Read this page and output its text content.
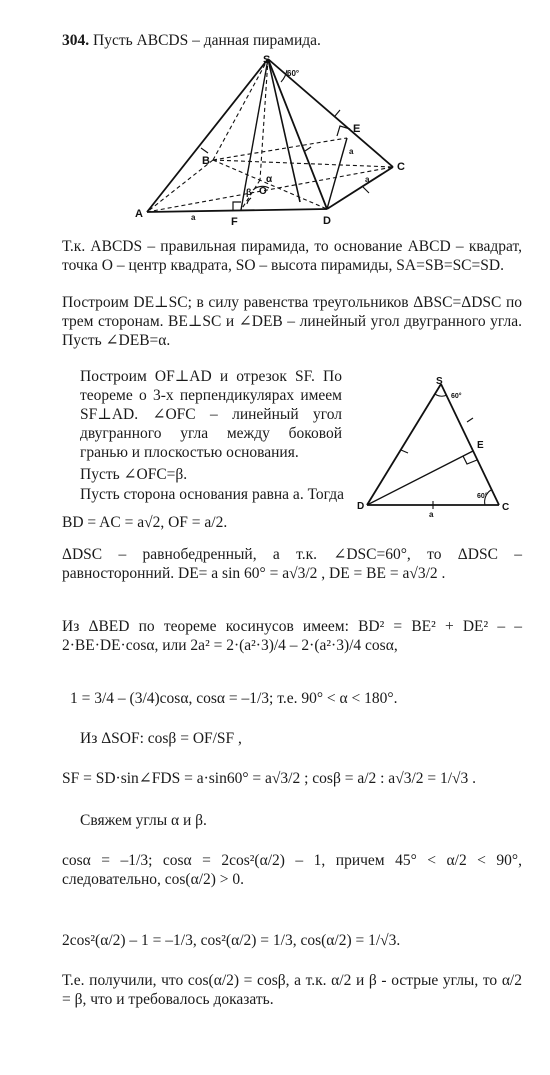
304. Пусть ABCDS – данная пирамида.
S
60°
E
C
B
A
F	D
O
α
β
a
a
a
Т.к. ABCDS – правильная пирамида, то основание ABCD – квадрат, точка O – центр квадрата, SO – высота пирамиды, SA=SB=SC=SD.
Построим DE⊥SC; в силу равенства треугольников ΔBSC=ΔDSC по трем сторонам. BE⊥SC и ∠DEB – линейный угол двугранного угла. Пусть ∠DEB=α.
Построим OF⊥AD и отрезок SF. По теореме о 3-х перпендикулярах имеем SF⊥AD. ∠OFC – линейный угол двугранного угла между боковой гранью и плоскостью основания.
S
60°
E
D	C
a
60°
Пусть ∠OFC=β.
Пусть сторона основания равна a. Тогда
BD = AC = a√2, OF = a/2.
ΔDSC – равнобедренный, а т.к. ∠DSC=60°, то ΔDSC – равносторонний. DE= a sin 60° = a√3/2 , DE = BE = a√3/2 .
Из ΔBED по теореме косинусов имеем: BD² = BE² + DE² – –2·BE·DE·cosα, или 2a² = 2·(a²·3)/4 – 2·(a²·3)/4 cosα,
1 = 3/4 – (3/4)cosα, cosα = –1/3; т.е. 90° < α < 180°.
Из ΔSOF: cosβ = OF/SF ,
SF = SD·sin∠FDS = a·sin60° = a√3/2 ; cosβ = a/2 : a√3/2 = 1/√3 .
Свяжем углы α и β.
cosα = –1/3; cosα = 2cos²(α/2) – 1, причем 45° < α/2 < 90°, следовательно, cos(α/2) > 0.
2cos²(α/2) – 1 = –1/3, cos²(α/2) = 1/3, cos(α/2) = 1/√3.
Т.е. получили, что cos(α/2) = cosβ, а т.к. α/2 и β - острые углы, то α/2 = β, что и требовалось доказать.
